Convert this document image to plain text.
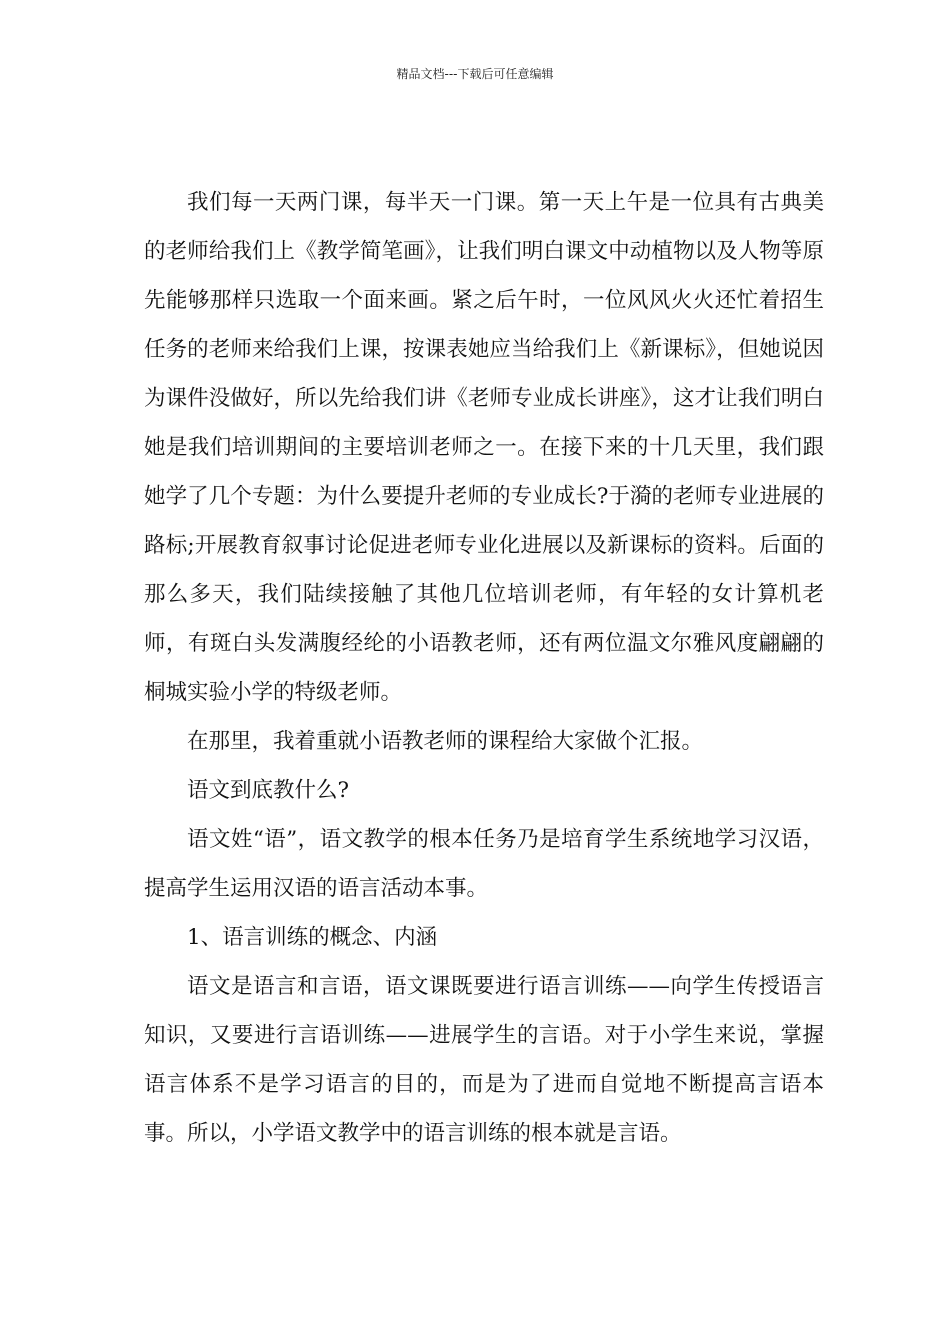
精品文档---下载后可任意编辑

我们每一天两门课，每半天一门课。第一天上午是一位具有古典美的老师给我们上《教学简笔画》，让我们明白课文中动植物以及人物等原先能够那样只选取一个面来画。紧之后午时，一位风风火火还忙着招生任务的老师来给我们上课，按课表她应当给我们上《新课标》，但她说因为课件没做好，所以先给我们讲《老师专业成长讲座》，这才让我们明白她是我们培训期间的主要培训老师之一。在接下来的十几天里，我们跟她学了几个专题：为什么要提升老师的专业成长?于漪的老师专业进展的路标;开展教育叙事讨论促进老师专业化进展以及新课标的资料。后面的那么多天，我们陆续接触了其他几位培训老师，有年轻的女计算机老师，有斑白头发满腹经纶的小语教老师，还有两位温文尔雅风度翩翩的桐城实验小学的特级老师。

在那里，我着重就小语教老师的课程给大家做个汇报。

语文到底教什么?

语文姓“语”，语文教学的根本任务乃是培育学生系统地学习汉语，提高学生运用汉语的语言活动本事。

1、语言训练的概念、内涵

语文是语言和言语，语文课既要进行语言训练——向学生传授语言知识，又要进行言语训练——进展学生的言语。对于小学生来说，掌握语言体系不是学习语言的目的，而是为了进而自觉地不断提高言语本事。所以，小学语文教学中的语言训练的根本就是言语。
